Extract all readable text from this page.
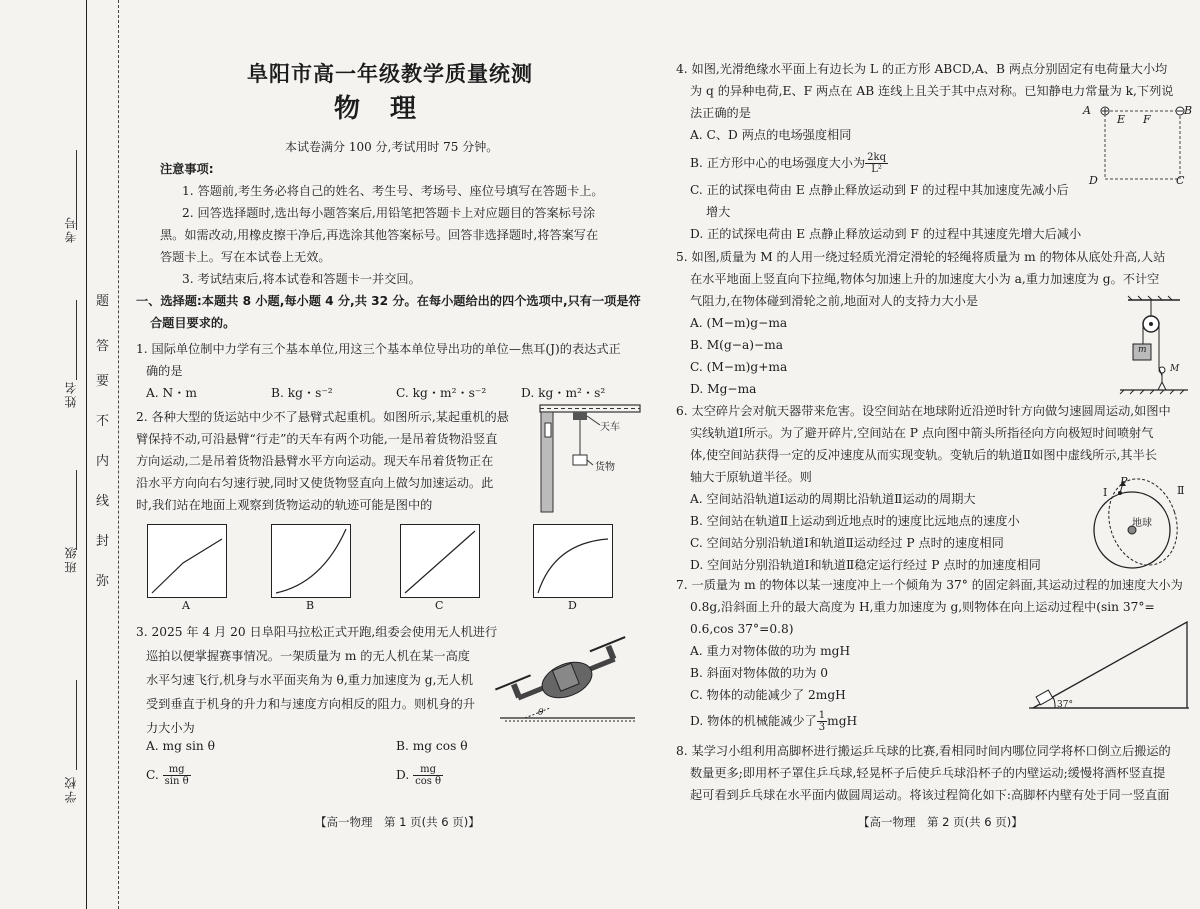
考号
姓名
班级
学校
题
答
要
不
内
线
封
弥
阜阳市高一年级教学质量统测
物理
本试卷满分 100 分,考试用时 75 分钟。

注意事项:

1. 答题前,考生务必将自己的姓名、考生号、考场号、座位号填写在答题卡上。

2. 回答选择题时,选出每小题答案后,用铅笔把答题卡上对应题目的答案标号涂

黑。如需改动,用橡皮擦干净后,再选涂其他答案标号。回答非选择题时,将答案写在

答题卡上。写在本试卷上无效。

3. 考试结束后,将本试卷和答题卡一并交回。

一、选择题:本题共 8 小题,每小题 4 分,共 32 分。在每小题给出的四个选项中,只有一项是符

合题目要求的。

1. 国际单位制中力学有三个基本单位,用这三个基本单位导出功的单位—焦耳(J)的表达式正

确的是

A. N・m	B. kg・s⁻²	C. kg・m²・s⁻²	D. kg・m²・s²

2. 各种大型的货运站中少不了悬臂式起重机。如图所示,某起重机的悬

臂保持不动,可沿悬臂“行走”的天车有两个功能,一是吊着货物沿竖直

方向运动,二是吊着货物沿悬臂水平方向运动。现天车吊着货物正在

沿水平方向向右匀速行驶,同时又使货物竖直向上做匀加速运动。此

时,我们站在地面上观察到货物运动的轨迹可能是图中的

天车
货物
A	B	C	D

3. 2025 年 4 月 20 日阜阳马拉松正式开跑,组委会使用无人机进行

巡拍以便掌握赛事情况。一架质量为 m 的无人机在某一高度

水平匀速飞行,机身与水平面夹角为 θ,重力加速度为 g,无人机

受到垂直于机身的升力和与速度方向相反的阻力。则机身的升

力大小为

A. mg sin θ	B. mg cos θ
C. $\frac{mg}{\text{sin θ}}$	D. $\frac{mg}{\text{cos θ}}$
θ
【高一物理　第 1 页(共 6 页)】

4. 如图,光滑绝缘水平面上有边长为 L 的正方形 ABCD,A、B 两点分别固定有电荷量大小均

为 q 的异种电荷,E、F 两点在 AB 连线上且关于其中点对称。已知静电力常量为 k,下列说

法正确的是

A. C、D 两点的电场强度相同

B. 正方形中心的电场强度大小为 $\frac{2kq}{\text{L²}}$

C. 正的试探电荷由 E 点静止释放运动到 F 的过程中其加速度先减小后

增大

D. 正的试探电荷由 E 点静止释放运动到 F 的过程中其速度先增大后减小

A	B
E F
D	C

5. 如图,质量为 M 的人用一绕过轻质光滑定滑轮的轻绳将质量为 m 的物体从底处升高,人站

在水平地面上竖直向下拉绳,物体匀加速上升的加速度大小为 a,重力加速度为 g。不计空

气阻力,在物体碰到滑轮之前,地面对人的支持力大小是

A. (M−m)g−ma

B. M(g−a)−ma

C. (M−m)g+ma

D. Mg−ma

m
M

6. 太空碎片会对航天器带来危害。设空间站在地球附近沿逆时针方向做匀速圆周运动,如图中

实线轨道Ⅰ所示。为了避开碎片,空间站在 P 点向图中箭头所指径向方向极短时间喷射气

体,使空间站获得一定的反冲速度从而实现变轨。变轨后的轨道Ⅱ如图中虚线所示,其半长

轴大于原轨道半径。则

A. 空间站沿轨道Ⅰ运动的周期比沿轨道Ⅱ运动的周期大

B. 空间站在轨道Ⅱ上运动到近地点时的速度比远地点的速度小

C. 空间站分别沿轨道Ⅰ和轨道Ⅱ运动经过 P 点时的速度相同

D. 空间站分别沿轨道Ⅰ和轨道Ⅱ稳定运行经过 P 点时的加速度相同

Ⅰ	Ⅱ
P
地球

7. 一质量为 m 的物体以某一速度冲上一个倾角为 37° 的固定斜面,其运动过程的加速度大小为

0.8g,沿斜面上升的最大高度为 H,重力加速度为 g,则物体在向上运动过程中(sin 37°=

0.6,cos 37°=0.8)

A. 重力对物体做的功为 mgH

B. 斜面对物体做的功为 0

C. 物体的动能减少了 2mgH

D. 物体的机械能减少了 $\frac{1}{3}$ mgH

37°

8. 某学习小组利用高脚杯进行搬运乒乓球的比赛,看相同时间内哪位同学将杯口倒立后搬运的

数量更多;即用杯子罩住乒乓球,轻晃杯子后使乒乓球沿杯子的内壁运动;缓慢将酒杯竖直提

起可看到乒乓球在水平面内做圆周运动。将该过程简化如下:高脚杯内壁有处于同一竖直面

【高一物理　第 2 页(共 6 页)】
